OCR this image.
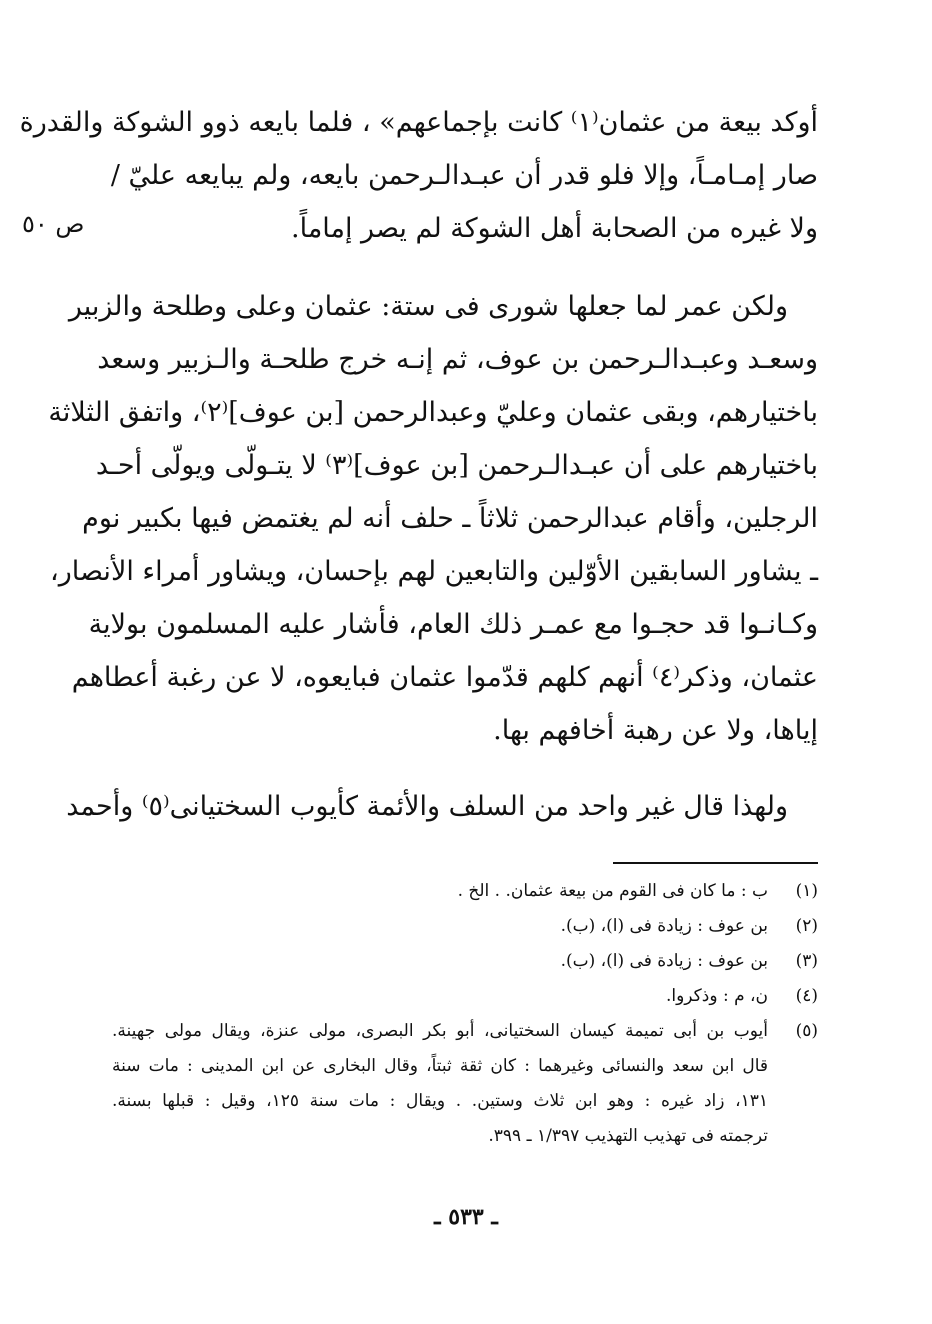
ص ٥٠
أوكد بيعة من عثمان⁽١⁾ كانت بإجماعهم» ، فلما بايعه ذوو الشوكة والقدرة
صار إمـامـاً، وإلا فلو قدر أن عبـدالـرحمن بايعه، ولم يبايعه عليّ /
ولا غيره من الصحابة أهل الشوكة لم يصر إماماً.
ولكن عمر لما جعلها شورى فى ستة: عثمان وعلى وطلحة والزبير
وسعـد وعبـدالـرحمن بن عوف، ثم إنـه خرج طلحـة والـزبير وسعد
باختيارهم، وبقى عثمان وعليّ وعبدالرحمن [بن عوف]⁽٢⁾، واتفق الثلاثة
باختيارهم على أن عبـدالـرحمن [بن عوف]⁽٣⁾ لا يتـولّى ويولّى أحـد
الرجلين، وأقام عبدالرحمن ثلاثاً ـ حلف أنه لم يغتمض فيها بكبير نوم
ـ يشاور السابقين الأوّلين والتابعين لهم بإحسان، ويشاور أمراء الأنصار،
وكـانـوا قد حجـوا مع عمـر ذلك العام، فأشار عليه المسلمون بولاية
عثمان، وذكر⁽٤⁾ أنهم كلهم قدّموا عثمان فبايعوه، لا عن رغبة أعطاهم
إياها، ولا عن رهبة أخافهم بها.
ولهذا قال غير واحد من السلف والأئمة كأيوب السختيانى⁽٥⁾ وأحمد
(١)
ب : ما كان فى القوم من بيعة عثمان. . الخ .
(٢)
بن عوف : زيادة فى (ا)، (ب).
(٣)
بن عوف : زيادة فى (ا)، (ب).
(٤)
ن، م : وذكروا.
(٥)
أيوب بن أبى تميمة كيسان السختيانى، أبو بكر البصرى، مولى عنزة، ويقال مولى جهينة.
قال ابن سعد والنسائى وغيرهما : كان ثقة ثبتاً، وقال البخارى عن ابن المدينى : مات سنة
١٣١، زاد غيره : وهو ابن ثلاث وستين. . ويقال : مات سنة ١٢٥، وقيل : قبلها بسنة.
ترجمته فى تهذيب التهذيب ١/٣٩٧ ـ ٣٩٩.
ـ ٥٣٣ ـ
